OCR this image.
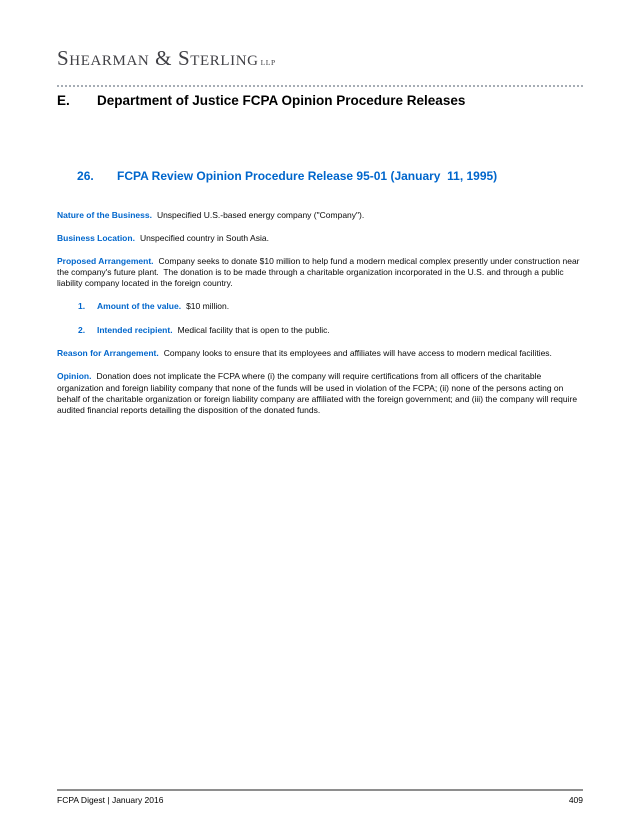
Shearman & Sterling LLP
E. Department of Justice FCPA Opinion Procedure Releases

26. FCPA Review Opinion Procedure Release 95-01 (January  11, 1995)

Nature of the Business. Unspecified U.S.-based energy company ("Company").

Business Location. Unspecified country in South Asia.

Proposed Arrangement. Company seeks to donate $10 million to help fund a modern medical complex presently under construction near the company's future plant.  The donation is to be made through a charitable organization incorporated in the U.S. and through a public liability company located in the foreign country.

1. Amount of the value. $10 million.
2. Intended recipient. Medical facility that is open to the public.

Reason for Arrangement. Company looks to ensure that its employees and affiliates will have access to modern medical facilities.

Opinion. Donation does not implicate the FCPA where (i) the company will require certifications from all officers of the charitable organization and foreign liability company that none of the funds will be used in violation of the FCPA; (ii) none of the persons acting on behalf of the charitable organization or foreign liability company are affiliated with the foreign government; and (iii) the company will require audited financial reports detailing the disposition of the donated funds.

FCPA Digest | January 2016	409
